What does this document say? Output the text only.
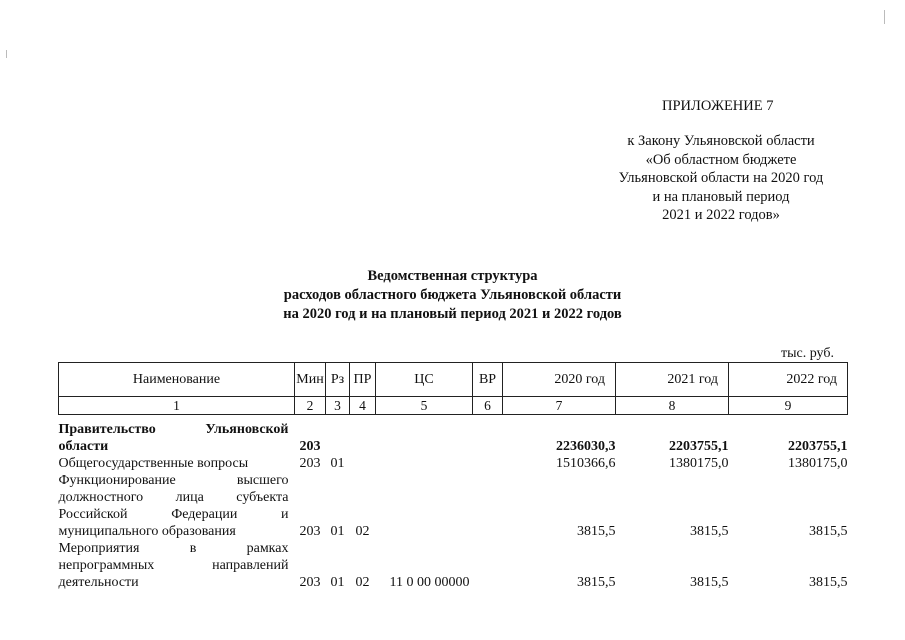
ПРИЛОЖЕНИЕ 7
к Закону Ульяновской области
«Об областном бюджете
Ульяновской области на 2020 год
и на плановый период
2021 и 2022 годов»
Ведомственная структура
расходов областного бюджета Ульяновской области
на 2020 год и на плановый период 2021 и 2022 годов
тыс. руб.
Наименование	Мин	Рз	ПР	ЦС	ВР	2020 год	2021 год	2022 год
1	2	3	4	5	6	7	8	9
Правительство Ульяновской области	203					2236030,3	2203755,1	2203755,1
Общегосударственные вопросы	203	01				1510366,6	1380175,0	1380175,0
Функционирование высшего должностного лица субъекта Российской Федерации и муниципального образования	203	01	02			3815,5	3815,5	3815,5
Мероприятия в рамках непрограммных направлений деятельности	203	01	02	11 0 00 00000		3815,5	3815,5	3815,5
